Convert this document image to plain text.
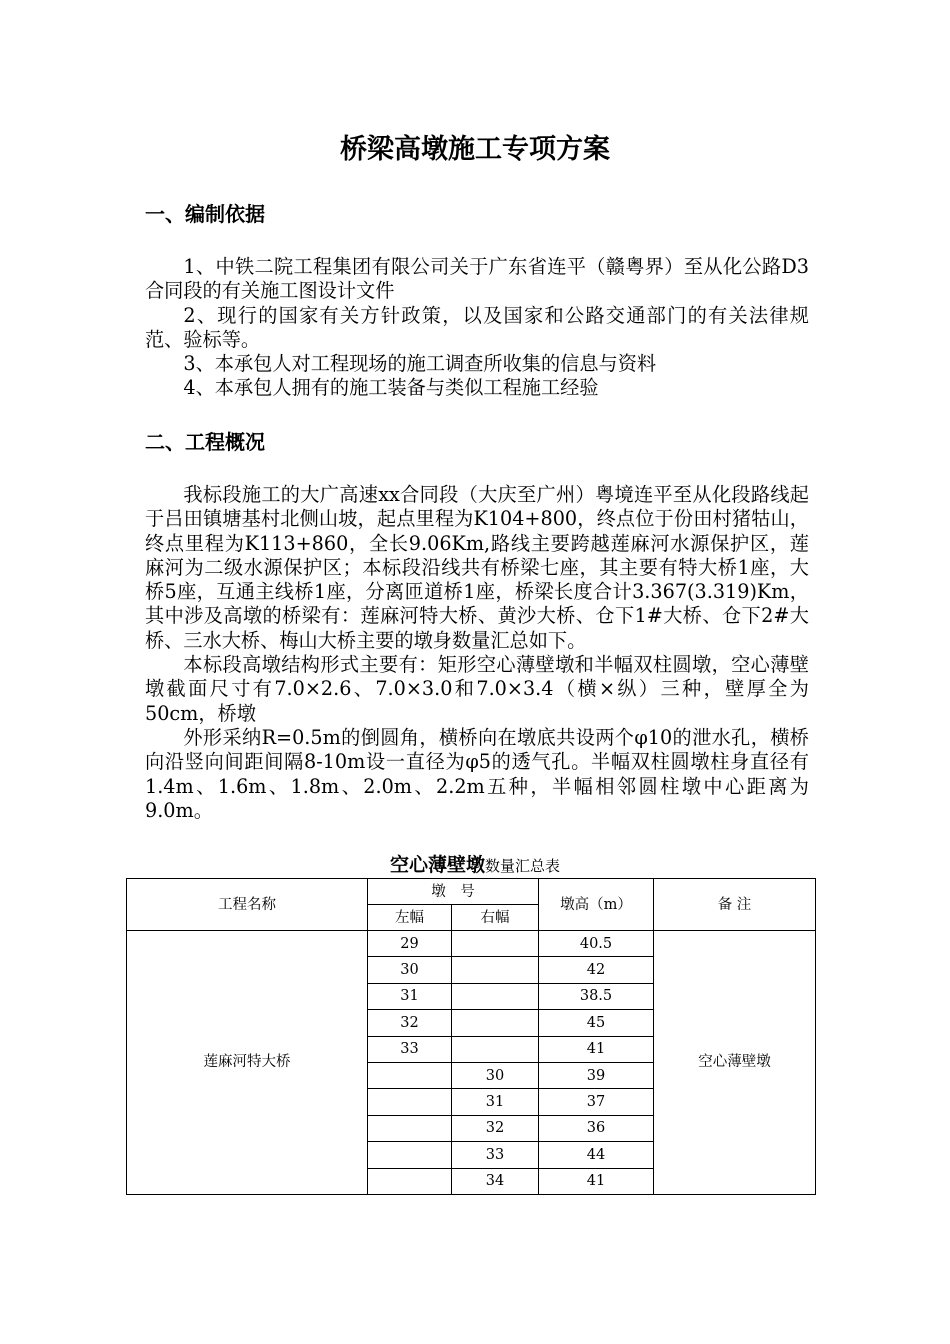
桥梁高墩施工专项方案
一、编制依据

1、中铁二院工程集团有限公司关于广东省连平（赣粤界）至从化公路D3合同段的有关施工图设计文件

2、现行的国家有关方针政策，以及国家和公路交通部门的有关法律规范、验标等。

3、本承包人对工程现场的施工调查所收集的信息与资料

4、本承包人拥有的施工装备与类似工程施工经验

二、工程概况

我标段施工的大广高速xx合同段（大庆至广州）粤境连平至从化段路线起于吕田镇塘基村北侧山坡，起点里程为K104+800，终点位于份田村猪牯山，终点里程为K113+860，全长9.06Km,路线主要跨越莲麻河水源保护区，莲麻河为二级水源保护区；本标段沿线共有桥梁七座，其主要有特大桥1座，大桥5座，互通主线桥1座，分离匝道桥1座，桥梁长度合计3.367(3.319)Km，其中涉及高墩的桥梁有：莲麻河特大桥、黄沙大桥、仓下1#大桥、仓下2#大桥、三水大桥、梅山大桥主要的墩身数量汇总如下。

本标段高墩结构形式主要有：矩形空心薄壁墩和半幅双柱圆墩，空心薄壁墩截面尺寸有7.0×2.6、7.0×3.0和7.0×3.4（横×纵）三种，壁厚全为50cm，桥墩

外形采纳R=0.5m的倒圆角，横桥向在墩底共设两个φ10的泄水孔，横桥向沿竖向间距间隔8-10m设一直径为φ5的透气孔。半幅双柱圆墩柱身直径有1.4m、1.6m、1.8m、2.0m、2.2m五种，半幅相邻圆柱墩中心距离为9.0m。

空心薄壁墩数量汇总表
工程名称	墩　号		墩高（m）	备 注
	左幅	右幅		
莲麻河特大桥	29		40.5	空心薄壁墩
	30		42	
	31		38.5	
	32		45	
	33		41	
		30	39	
		31	37	
		32	36	
		33	44	
		34	41	
